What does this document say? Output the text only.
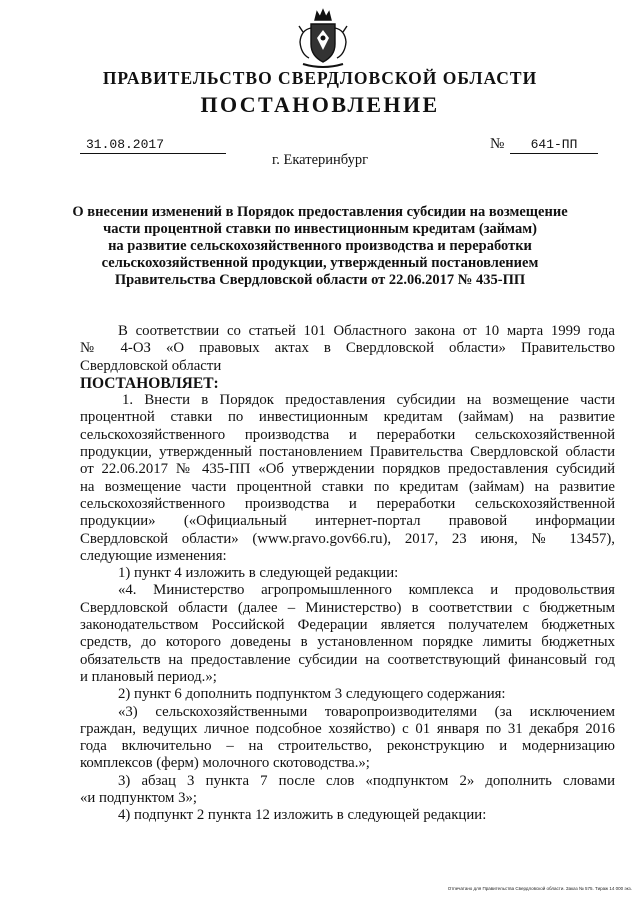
ПРАВИТЕЛЬСТВО СВЕРДЛОВСКОЙ ОБЛАСТИ
ПОСТАНОВЛЕНИЕ
31.08.2017	№	641-ПП
г. Екатеринбург

О внесении изменений в Порядок предоставления субсидии на возмещение
части процентной ставки по инвестиционным кредитам (займам)
на развитие сельскохозяйственного производства и переработки
сельскохозяйственной продукции, утвержденный постановлением
Правительства Свердловской области от 22.06.2017 № 435-ПП

В соответствии со статьей 101 Областного закона от 10 марта 1999 года
№ 4-ОЗ «О правовых актах в Свердловской области» Правительство
Свердловской области
ПОСТАНОВЛЯЕТ:
1. Внести в Порядок предоставления субсидии на возмещение части
процентной ставки по инвестиционным кредитам (займам) на развитие
сельскохозяйственного производства и переработки сельскохозяйственной
продукции, утвержденный постановлением Правительства Свердловской области
от 22.06.2017 № 435-ПП «Об утверждении порядков предоставления субсидий
на возмещение части процентной ставки по кредитам (займам) на развитие
сельскохозяйственного производства и переработки сельскохозяйственной
продукции» («Официальный интернет-портал правовой информации
Свердловской области» (www.pravo.gov66.ru), 2017, 23 июня, № 13457),
следующие изменения:
1) пункт 4 изложить в следующей редакции:
«4. Министерство агропромышленного комплекса и продовольствия
Свердловской области (далее – Министерство) в соответствии с бюджетным
законодательством Российской Федерации является получателем бюджетных
средств, до которого доведены в установленном порядке лимиты бюджетных
обязательств на предоставление субсидии на соответствующий финансовый год
и плановый период.»;
2) пункт 6 дополнить подпунктом 3 следующего содержания:
«3) сельскохозяйственными товаропроизводителями (за исключением
граждан, ведущих личное подсобное хозяйство) с 01 января по 31 декабря 2016
года включительно – на строительство, реконструкцию и модернизацию
комплексов (ферм) молочного скотоводства.»;
3) абзац 3 пункта 7 после слов «подпунктом 2» дополнить словами
«и подпунктом 3»;
4) подпункт 2 пункта 12 изложить в следующей редакции:

Отпечатано для Правительства Свердловской области. Заказ № 575. Тираж 14 000 экз.
